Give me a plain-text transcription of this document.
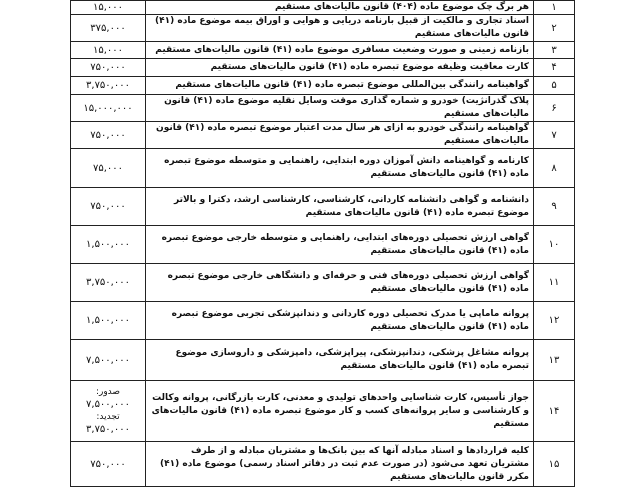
۱	هر برگ چک موضوع ماده (۴۰۴) قانون مالیات‌های مستقیم	۱۵,۰۰۰
۲	اسناد تجاری و مالکیت از قبیل بارنامه دریایی و هوایی و اوراق بیمه موضوع ماده (۴۱) قانون مالیات‌های مستقیم	۳۷۵,۰۰۰
۳	بازنامه زمینی و صورت وضعیت مسافری موضوع ماده (۴۱) قانون مالیات‌های مستقیم	۱۵,۰۰۰
۴	کارت معافیت وظیفه موضوع تبصره ماده (۴۱) قانون مالیات‌های مستقیم	۷۵۰,۰۰۰
۵	گواهینامه رانندگی بین‌المللی موضوع تبصره ماده (۴۱) قانون مالیات‌های مستقیم	۳,۷۵۰,۰۰۰
۶	پلاک گذرانژیت) خودرو و شماره گذاری موقت وسایل نقلیه موضوع ماده (۴۱) قانون مالیات‌های مستقیم	۱۵,۰۰۰,۰۰۰
۷	گواهینامه رانندگی خودرو به ازای هر سال مدت اعتبار موضوع تبصره ماده (۴۱) قانون مالیات‌های مستقیم	۷۵۰,۰۰۰
۸	کارنامه و گواهینامه دانش آموزان دوره ابتدایی، راهنمایی و متوسطه موضوع تبصره ماده (۴۱) قانون مالیات‌های مستقیم	۷۵,۰۰۰
۹	دانشنامه و گواهی دانشنامه کاردانی، کارشناسی، کارشناسی ارشد، دکترا و بالاتر موضوع تبصره ماده (۴۱) قانون مالیات‌های مستقیم	۷۵۰,۰۰۰
۱۰	گواهی ارزش تحصیلی دوره‌های ابتدایی، راهنمایی و متوسطه خارجی موضوع تبصره ماده (۴۱) قانون مالیات‌های مستقیم	۱,۵۰۰,۰۰۰
۱۱	گواهی ارزش تحصیلی دوره‌های فنی و حرفه‌ای و دانشگاهی خارجی موضوع تبصره ماده (۴۱) قانون مالیات‌های مستقیم	۳,۷۵۰,۰۰۰
۱۲	پروانه ماماپی یا مدرک تحصیلی دوره کاردانی و دندانپزشکی تجربی موضوع تبصره ماده (۴۱) قانون مالیات‌های مستقیم	۱,۵۰۰,۰۰۰
۱۳	پروانه مشاغل پزشکی، دندانپزشکی، پیراپزشکی، دامپزشکی و داروسازی موضوع تبصره ماده (۴۱) قانون مالیات‌های مستقیم	۷,۵۰۰,۰۰۰
۱۴	جواز تأسیس، کارت شناسایی واحدهای تولیدی و معدنی، کارت بازرگانی، پروانه وکالت و کارشناسی و سایر پروانه‌های کسب و کار موضوع تبصره ماده (۴۱) قانون مالیات‌های مستقیم	صدور:
۷,۵۰۰,۰۰۰
تجدید:
۳,۷۵۰,۰۰۰

۱۵	کلیه قراردادها و اسناد مبادله آنها که بین بانک‌ها و مشتریان مبادله و از طرف مشتریان تعهد می‌شود (در صورت عدم ثبت در دفاتر اسناد رسمی) موضوع ماده (۴۱) مکرر قانون مالیات‌های مستقیم	۷۵۰,۰۰۰
